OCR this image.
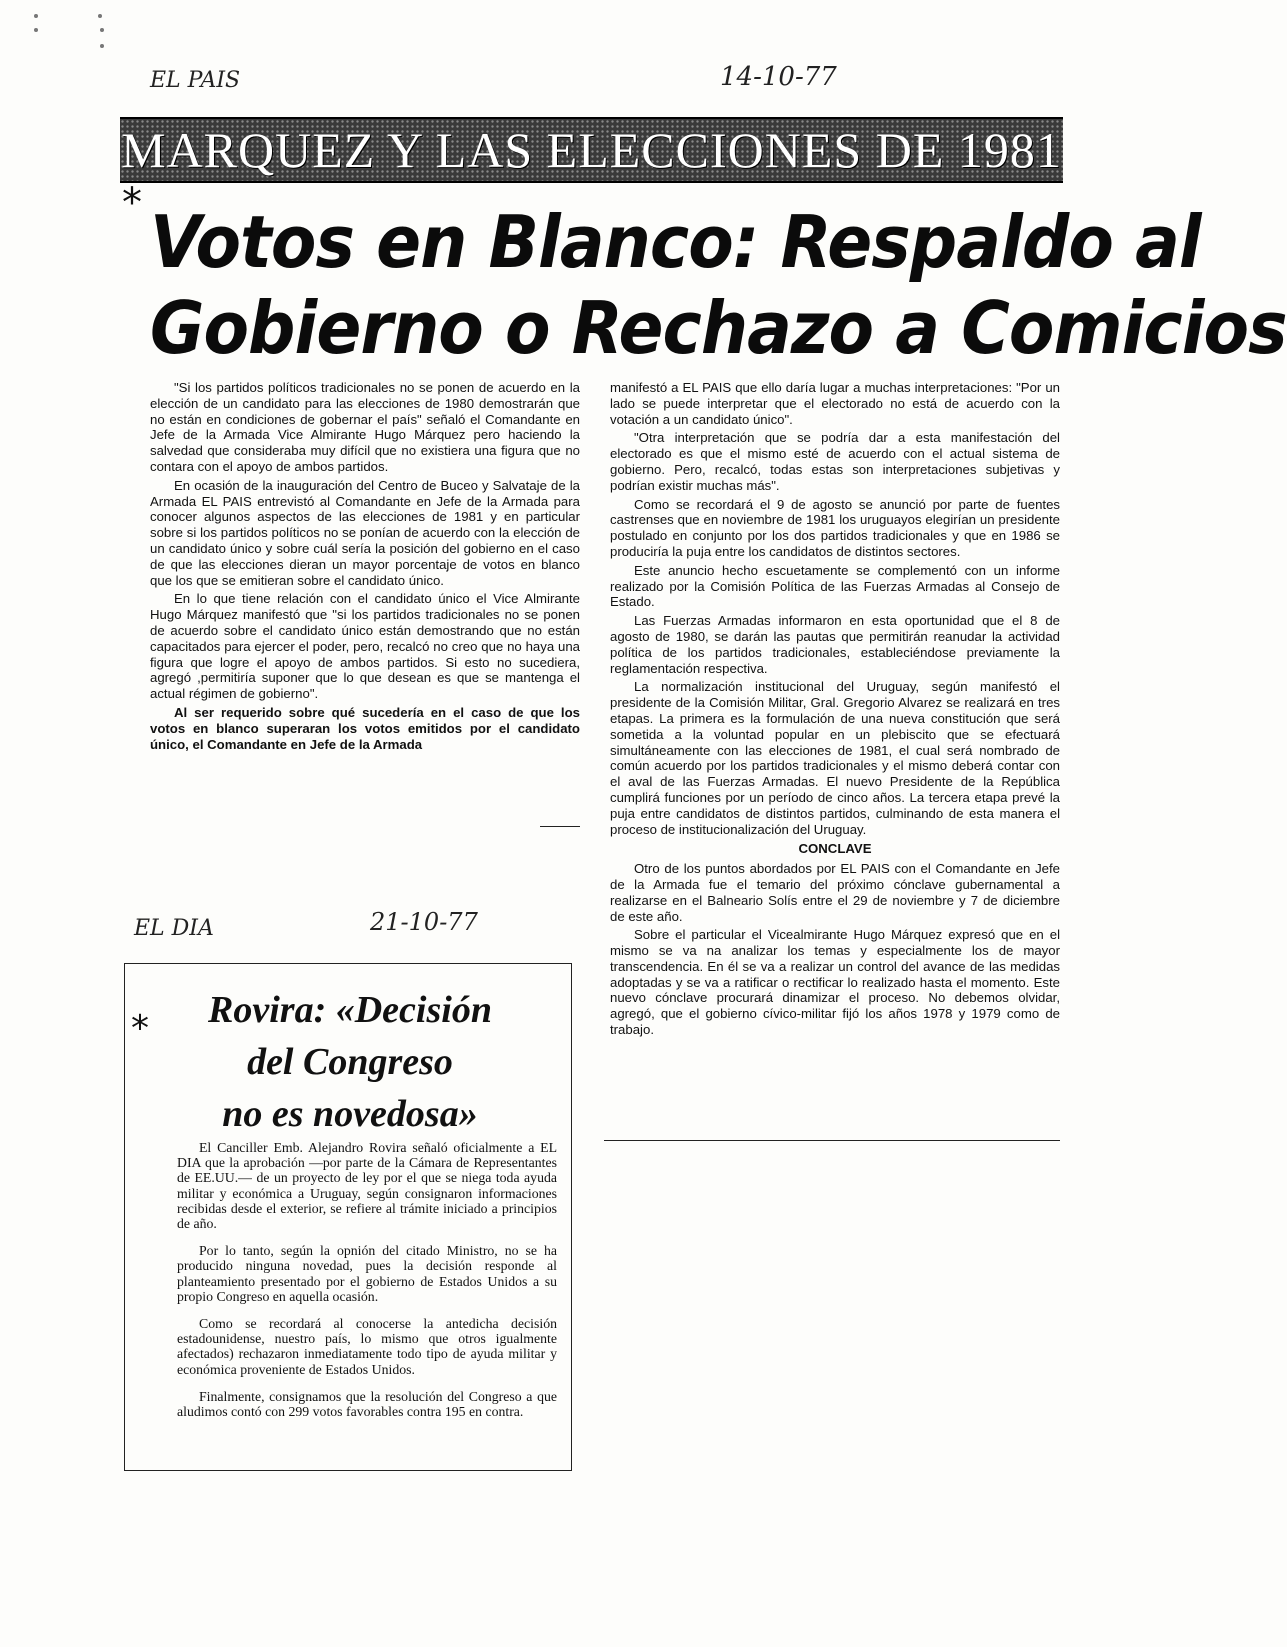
EL PAIS	14-10-77
MARQUEZ Y LAS ELECCIONES DE 1981
* Votos en Blanco: Respaldo al
Gobierno o Rechazo a Comicios

"Si los partidos políticos tradicionales no se ponen de acuerdo en la elección de un candidato para las elecciones de 1980 demostrarán que no están en condiciones de gobernar el país" señaló el Comandante en Jefe de la Armada Vice Almirante Hugo Márquez pero haciendo la salvedad que consideraba muy difícil que no existiera una figura que no contara con el apoyo de ambos partidos.

En ocasión de la inauguración del Centro de Buceo y Salvataje de la Armada EL PAIS entrevistó al Comandante en Jefe de la Armada para conocer algunos aspectos de las elecciones de 1981 y en particular sobre si los partidos políticos no se ponían de acuerdo con la elección de un candidato único y sobre cuál sería la posición del gobierno en el caso de que las elecciones dieran un mayor porcentaje de votos en blanco que los que se emitieran sobre el candidato único.

En lo que tiene relación con el candidato único el Vice Almirante Hugo Márquez manifestó que "si los partidos tradicionales no se ponen de acuerdo sobre el candidato único están demostrando que no están capacitados para ejercer el poder, pero, recalcó no creo que no haya una figura que logre el apoyo de ambos partidos. Si esto no sucediera, agregó ,permitiría suponer que lo que desean es que se mantenga el actual régimen de gobierno".

Al ser requerido sobre qué sucedería en el caso de que los votos en blanco superaran los votos emitidos por el candidato único, el Comandante en Jefe de la Armada

manifestó a EL PAIS que ello daría lugar a muchas interpretaciones: "Por un lado se puede interpretar que el electorado no está de acuerdo con la votación a un candidato único".

"Otra interpretación que se podría dar a esta manifestación del electorado es que el mismo esté de acuerdo con el actual sistema de gobierno. Pero, recalcó, todas estas son interpretaciones subjetivas y podrían existir muchas más".

Como se recordará el 9 de agosto se anunció por parte de fuentes castrenses que en noviembre de 1981 los uruguayos elegirían un presidente postulado en conjunto por los dos partidos tradicionales y que en 1986 se produciría la puja entre los candidatos de distintos sectores.

Este anuncio hecho escuetamente se complementó con un informe realizado por la Comisión Política de las Fuerzas Armadas al Consejo de Estado.

Las Fuerzas Armadas informaron en esta oportunidad que el 8 de agosto de 1980, se darán las pautas que permitirán reanudar la actividad política de los partidos tradicionales, estableciéndose previamente la reglamentación respectiva.

La normalización institucional del Uruguay, según manifestó el presidente de la Comisión Militar, Gral. Gregorio Alvarez se realizará en tres etapas. La primera es la formulación de una nueva constitución que será sometida a la voluntad popular en un plebiscito que se efectuará simultáneamente con las elecciones de 1981, el cual será nombrado de común acuerdo por los partidos tradicionales y el mismo deberá contar con el aval de las Fuerzas Armadas. El nuevo Presidente de la República cumplirá funciones por un período de cinco años. La tercera etapa prevé la puja entre candidatos de distintos partidos, culminando de esta manera el proceso de institucionalización del Uruguay.

CONCLAVE

Otro de los puntos abordados por EL PAIS con el Comandante en Jefe de la Armada fue el temario del próximo cónclave gubernamental a realizarse en el Balneario Solís entre el 29 de noviembre y 7 de diciembre de este año.

Sobre el particular el Vicealmirante Hugo Márquez expresó que en el mismo se va na analizar los temas y especialmente los de mayor transcendencia. En él se va a realizar un control del avance de las medidas adoptadas y se va a ratificar o rectificar lo realizado hasta el momento. Este nuevo cónclave procurará dinamizar el proceso. No debemos olvidar, agregó, que el gobierno cívico-militar fijó los años 1978 y 1979 como de trabajo.

EL DIA	21-10-77
*	Rovira: «Decisión
del Congreso
no es novedosa»

El Canciller Emb. Alejandro Rovira señaló oficialmente a EL DIA que la aprobación —por parte de la Cámara de Representantes de EE.UU.— de un proyecto de ley por el que se niega toda ayuda militar y económica a Uruguay, según consignaron informaciones recibidas desde el exterior, se refiere al trámite iniciado a principios de año.

Por lo tanto, según la opnión del citado Ministro, no se ha producido ninguna novedad, pues la decisión responde al planteamiento presentado por el gobierno de Estados Unidos a su propio Congreso en aquella ocasión.

Como se recordará al conocerse la antedicha decisión estadounidense, nuestro país, lo mismo que otros igualmente afectados) rechazaron inmediatamente todo tipo de ayuda militar y económica proveniente de Estados Unidos.

Finalmente, consignamos que la resolución del Congreso a que aludimos contó con 299 votos favorables contra 195 en contra.
